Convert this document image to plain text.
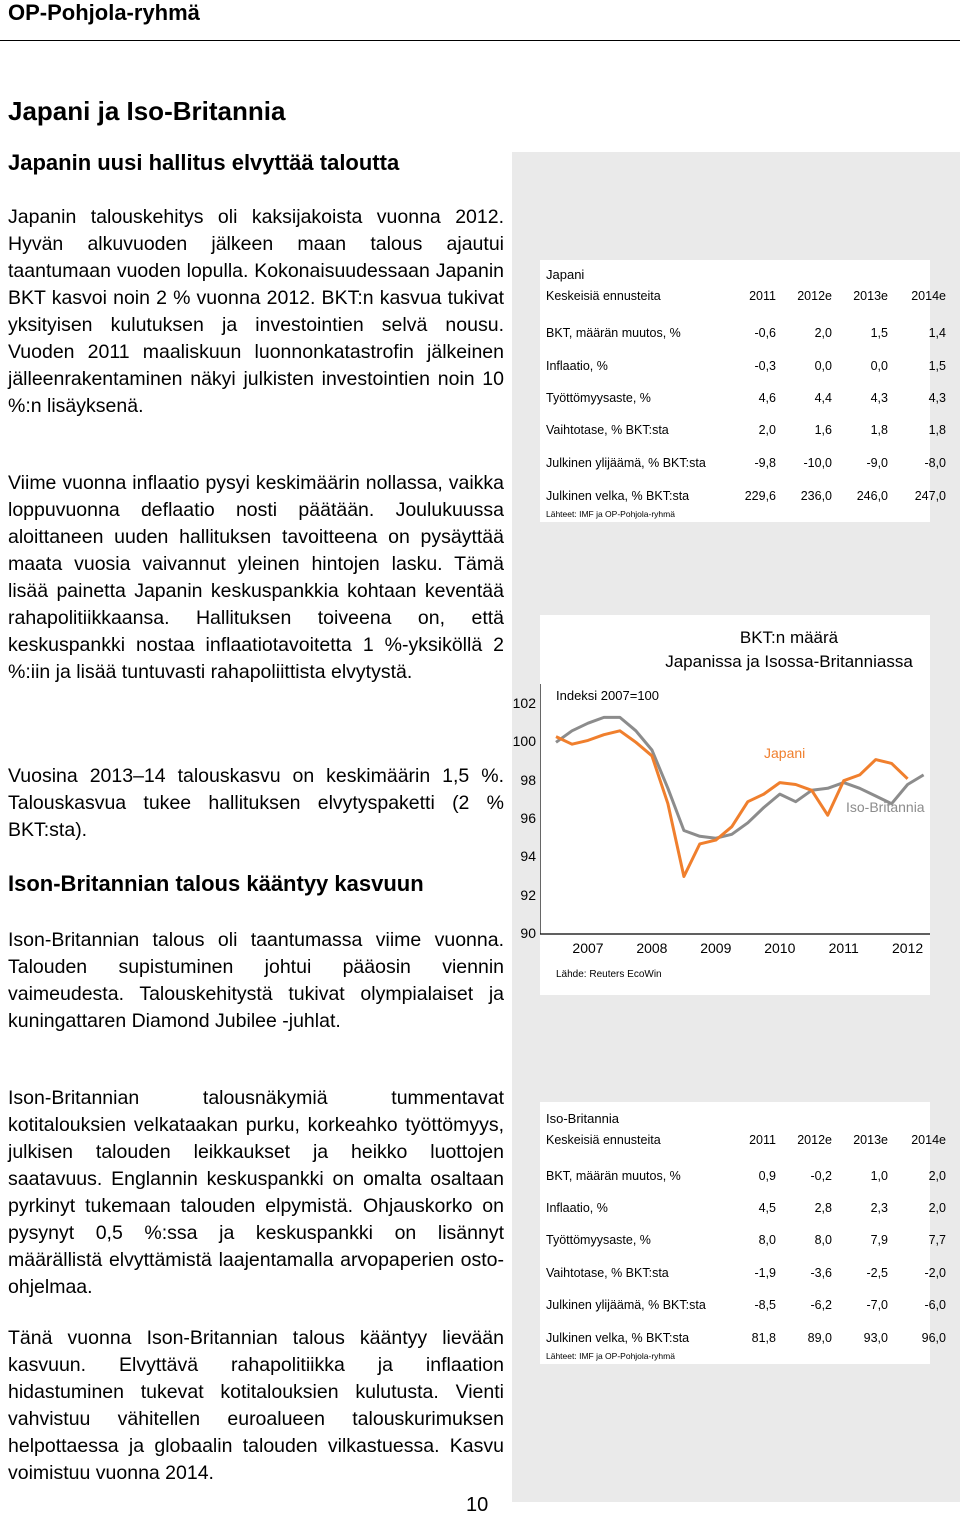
OP-Pohjola-ryhmä
Japani ja Iso-Britannia
Japanin uusi hallitus elvyttää taloutta

Japanin talouskehitys oli kaksijakoista vuonna 2012. Hyvän alkuvuoden jälkeen maan talous ajautui taantumaan vuoden lopulla. Kokonaisuudessaan Japanin BKT kasvoi noin 2 % vuonna 2012. BKT:n kasvua tukivat yksityisen kulutuksen ja investointien selvä nousu. Vuoden 2011 maaliskuun luonnonkatastrofin jälkeinen jälleenrakentaminen näkyi julkisten investointien noin 10 %:n lisäyksenä.

Viime vuonna inflaatio pysyi keskimäärin nollassa, vaikka loppuvuonna deflaatio nosti päätään. Joulukuussa aloittaneen uuden hallituksen tavoitteena on pysäyttää maata vuosia vaivannut yleinen hintojen lasku. Tämä lisää painetta Japanin keskuspankkia kohtaan keventää rahapolitiikkaansa. Hallituksen toiveena on, että keskuspankki nostaa inflaatiotavoitetta 1 %-yksiköllä 2 %:iin ja lisää tuntuvasti rahapoliittista elvytystä.

Vuosina 2013–14 talouskasvu on keskimäärin 1,5 %. Talouskasvua tukee hallituksen elvytyspaketti (2 % BKT:sta).

Ison-Britannian talous kääntyy kasvuun

Ison-Britannian talous oli taantumassa viime vuonna. Talouden supistuminen johtui pääosin viennin vaimeudesta. Talouskehitystä tukivat olympialaiset ja kuningattaren Diamond Jubilee -juhlat.

Ison-Britannian talousnäkymiä tummentavat kotitalouksien velkataakan purku, korkeahko työttömyys, julkisen talouden leikkaukset ja heikko luottojen saatavuus. Englannin keskuspankki on omalta osaltaan pyrkinyt tukemaan talouden elpymistä. Ohjauskorko on pysynyt 0,5 %:ssa ja keskuspankki on lisännyt määrällistä elvyttämistä laajentamalla arvopaperien osto-ohjelmaa.

Tänä vuonna Ison-Britannian talous kääntyy lievään kasvuun. Elvyttävä rahapolitiikka ja inflaation hidastuminen tukevat kotitalouksien kulutusta. Vienti vahvistuu vähitellen euroalueen talouskurimuksen helpottaessa ja globaalin talouden vilkastuessa. Kasvu voimistuu vuonna 2014.

Japani
Keskeisiä ennusteita	2011	2012e	2013e	2014e
BKT, määrän muutos, %	-0,6	2,0	1,5	1,4
Inflaatio, %	-0,3	0,0	0,0	1,5
Työttömyysaste, %	4,6	4,4	4,3	4,3
Vaihtotase, % BKT:sta	2,0	1,6	1,8	1,8
Julkinen ylijäämä, % BKT:sta	-9,8	-10,0	-9,0	-8,0
Julkinen velka, % BKT:sta	229,6	236,0	246,0	247,0
Lähteet: IMF ja OP-Pohjola-ryhmä
BKT:n määrä
Japanissa ja Isossa-Britanniassa
Indeksi 2007=100
2007 2008 2009 2010 2011 2012
Japani
Iso-Britannia
Lähde: Reuters EcoWin
102
100
98
96
94
92
90
Iso-Britannia
Keskeisiä ennusteita	2011	2012e	2013e	2014e
BKT, määrän muutos, %	0,9	-0,2	1,0	2,0
Inflaatio, %	4,5	2,8	2,3	2,0
Työttömyysaste, %	8,0	8,0	7,9	7,7
Vaihtotase, % BKT:sta	-1,9	-3,6	-2,5	-2,0
Julkinen ylijäämä, % BKT:sta	-8,5	-6,2	-7,0	-6,0
Julkinen velka, % BKT:sta	81,8	89,0	93,0	96,0
Lähteet: IMF ja OP-Pohjola-ryhmä
10
